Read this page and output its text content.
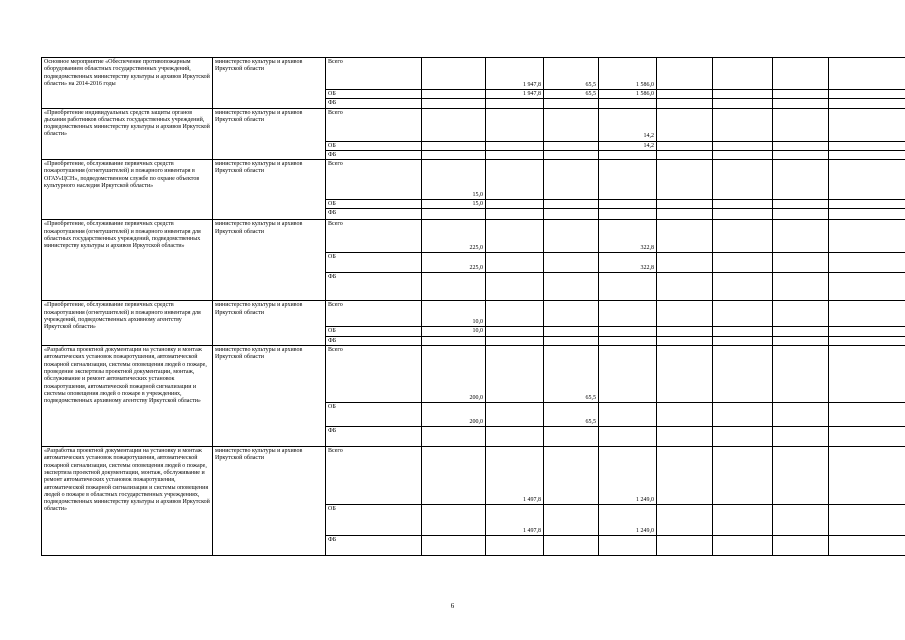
Основное мероприятие «Обеспечение противопожарным оборудованием областных государственных учреждений, подведомственных министерству культуры и архивов Иркутской области» на 2014-2016 годы	министерство культуры и архивов Иркутской области	Всего		1 947,8	65,5	1 586,0				
		ОБ		1 947,8	65,5	1 586,0				
		ФБ								
«Приобретение индивидуальных средств защиты органов дыхания работников областных государственных учреждений, подведомственных министерству культуры и архивов Иркутской области»	министерство культуры и архивов Иркутской области	Всего				14,2				
		ОБ				14,2				
		ФБ								
«Приобретение, обслуживание первичных средств пожаротушения (огнетушителей) и пожарного инвентаря в ОГАУ«ЦСН», подведомственном службе по охране объектов культурного наследия Иркутской области»	министерство культуры и архивов Иркутской области	Всего	15,0							
		ОБ	15,0							
		ФБ								
«Приобретение, обслуживание первичных средств пожаротушения (огнетушителей) и пожарного инвентаря для областных государственных учреждений, подведомственных министерству культуры и архивов Иркутской области»	министерство культуры и архивов Иркутской области	Всего	225,0			322,8				
		ОБ	225,0			322,8				
		ФБ								
«Приобретение, обслуживание первичных средств пожаротушения (огнетушителей) и пожарного инвентаря для учреждений, подведомственных архивному агентству Иркутской области»	министерство культуры и архивов Иркутской области	Всего	10,0							
		ОБ	10,0							
		ФБ								
«Разработка проектной документации на установку и монтаж автоматических установок пожаротушения, автоматической пожарной сигнализации, системы оповещения людей о пожаре, проведение экспертизы проектной документации, монтаж, обслуживание и ремонт автоматических установок пожаротушения, автоматической пожарной сигнализации и системы оповещения людей о пожаре в учреждениях, подведомственных архивному агентству Иркутской области»	министерство культуры и архивов Иркутской области	Всего	200,0		65,5					
		ОБ	200,0		65,5					
		ФБ								
«Разработка проектной документации на установку и монтаж автоматических установок пожаротушения, автоматической пожарной сигнализации, системы оповещения людей о пожаре, экспертиза проектной документации, монтаж, обслуживание и ремонт автоматических установок пожаротушения, автоматической пожарной сигнализации и системы оповещения людей о пожаре в областных государственных учреждениях, подведомственных министерству культуры и архивов Иркутской области»	министерство культуры и архивов Иркутской области	Всего		1 497,8		1 249,0				
		ОБ		1 497,8		1 249,0				
		ФБ								
6
